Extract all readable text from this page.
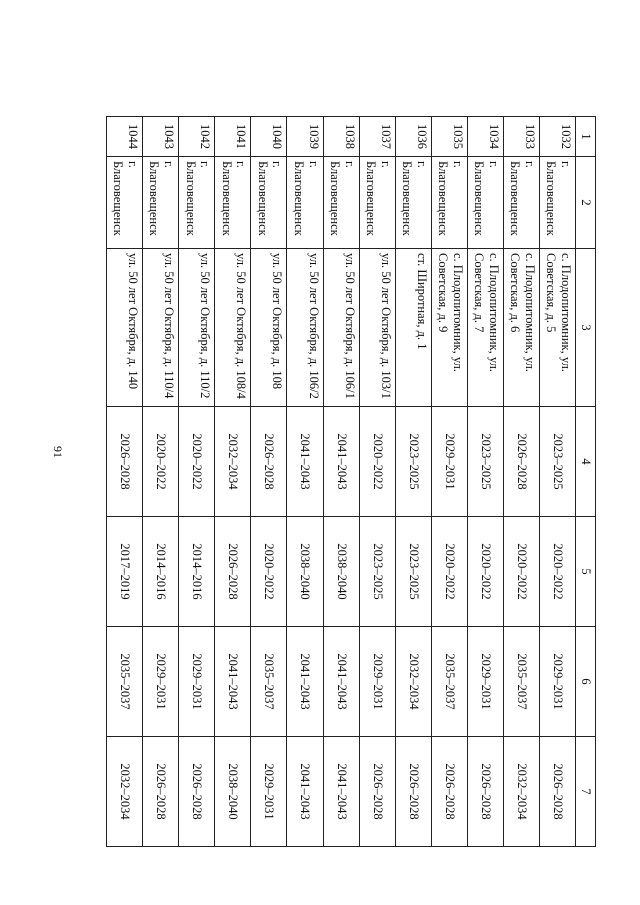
91
1	2	3	4	5	6	7
1032	г. Благовещенск	с. Плодопитомник, ул. Советская, д. 5	2023–2025	2020–2022	2029–2031	2026–2028
1033	г. Благовещенск	с. Плодопитомник, ул. Советская, д. 6	2026–2028	2020–2022	2035–2037	2032–2034
1034	г. Благовещенск	с. Плодопитомник, ул. Советская, д. 7	2023–2025	2020–2022	2029–2031	2026–2028
1035	г. Благовещенск	с. Плодопитомник, ул. Советская, д. 9	2029–2031	2020–2022	2035–2037	2026–2028
1036	г. Благовещенск	ст. Широтная, д. 1	2023–2025	2023–2025	2032–2034	2026–2028
1037	г. Благовещенск	ул. 50 лет Октября, д. 103/1	2020–2022	2023–2025	2029–2031	2026–2028
1038	г. Благовещенск	ул. 50 лет Октября, д. 106/1	2041–2043	2038–2040	2041–2043	2041–2043
1039	г. Благовещенск	ул. 50 лет Октября, д. 106/2	2041–2043	2038–2040	2041–2043	2041–2043
1040	г. Благовещенск	ул. 50 лет Октября, д. 108	2026–2028	2020–2022	2035–2037	2029–2031
1041	г. Благовещенск	ул. 50 лет Октября, д. 108/4	2032–2034	2026–2028	2041–2043	2038–2040
1042	г. Благовещенск	ул. 50 лет Октября, д. 110/2	2020–2022	2014–2016	2029–2031	2026–2028
1043	г. Благовещенск	ул. 50 лет Октября, д. 110/4	2020–2022	2014–2016	2029–2031	2026–2028
1044	г. Благовещенск	ул. 50 лет Октября, д. 140	2026–2028	2017–2019	2035–2037	2032–2034
